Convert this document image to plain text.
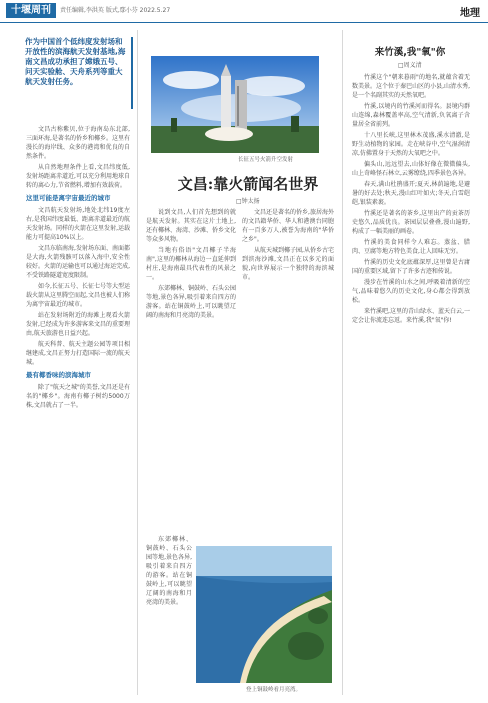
十堰周刊	责任编辑,李洪英 版式,鄢小芬 2022.5.27	地理
作为中国首个低纬度发射场和开放性的滨海航天发射基地,海南文昌成功承担了嫦娥五号、问天实验舱、天舟系列等重大航天发射任务。

文昌古称紫贝,位于海南岛东北部,三面环海,是著名的侨乡和椰乡。这里有漫长的海岸线、众多的港湾和优良的自然条件。

从自然地理条件上看,文昌纬度低,发射场距离赤道近,可以充分利用地球自转的离心力,节省燃料,增加有效载荷。

这里可能是离宇宙最近的城市

文昌航天发射场,地处北纬19度左右,是我国纬度最低、距离赤道最近的航天发射场。同样的火箭在这里发射,运载能力可提高10%以上。

文昌东临南海,发射场东面、南面都是大海,火箭残骸可以落入海中,安全性较好。火箭的运输也可以通过海运完成,不受铁路隧道宽度限制。

如今,长征五号、长征七号等大型运载火箭从这里腾空而起,文昌也被人们称为离宇宙最近的城市。

站在发射场附近的海滩上观看火箭发射,已经成为许多游客来文昌的重要理由,航天旅游也日益兴起。

航天科普、航天主题公园等项目相继建成,文昌正努力打造国际一流的航天城。

最有椰香味的滨海城市

除了"航天之城"的美誉,文昌还是有名的"椰乡"。海南有椰子树约5000万株,文昌就占了一半。

长征五号火箭升空发射
文昌:靠火箭闻名世界
□钟太扬

说到文昌,人们首先想到的就是航天发射。其实在这片土地上,还有椰林、海湾、沙滩、侨乡文化等众多风物。

当地有俗语"文昌椰子半海南",这里的椰林从海边一直延伸到村庄,是海南最具代表性的风景之一。

东郊椰林、铜鼓岭、石头公园等地,景色各异,吸引着来自四方的游客。站在铜鼓岭上,可以眺望辽阔的南海和月亮湾的美景。

文昌还是著名的侨乡,旅居海外的文昌籍华侨、华人和港澳台同胞有一百多万人,被誉为海南的"华侨之乡"。

从航天城到椰子园,从侨乡古宅到滨海沙滩,文昌正在以多元的面貌,向世界展示一个独特的海滨城市。

东郊椰林、铜鼓岭、石头公园等地,景色各异,吸引着来自四方的游客。站在铜鼓岭上,可以眺望辽阔的南海和月亮湾的美景。

登上铜鼓岭看月亮湾。
来竹溪,我"氧"你
□周义清

竹溪这个"朝来暮雨"的地名,就蕴含着无数美景。这个位于秦巴山区的小县,山清水秀,是一个名副其实的天然氧吧。

竹溪,以境内的竹溪河而得名。县境内群山连绵,森林覆盖率高,空气清新,负氧离子含量居全省前列。

十八里长峡,这里林木茂盛,溪水清澈,是野生动植物的家园。走在峡谷中,空气湿润清凉,仿佛置身于天然的大氧吧之中。

偏头山,远远望去,山体好像在微微偏头,山上奇峰怪石林立,云雾缭绕,四季景色各异。

春天,满山杜鹃盛开;夏天,林荫遍地,是避暑的好去处;秋天,漫山红叶如火;冬天,白雪皑皑,银装素裹。

竹溪还是著名的茶乡,这里出产的贡茶历史悠久,品质优良。茶园层层叠叠,漫山遍野,构成了一幅美丽的画卷。

竹溪的美食同样令人难忘。蒸盆、腊肉、豆腐等地方特色美食,让人回味无穷。

竹溪的历史文化底蕴深厚,这里曾是古庸国的重要区域,留下了许多古迹和传说。

漫步在竹溪的山水之间,呼吸着清新的空气,品味着悠久的历史文化,身心都会得到放松。

来竹溪吧,这里的青山绿水、蓝天白云,一定会让你流连忘返。来竹溪,我"氧"你!
